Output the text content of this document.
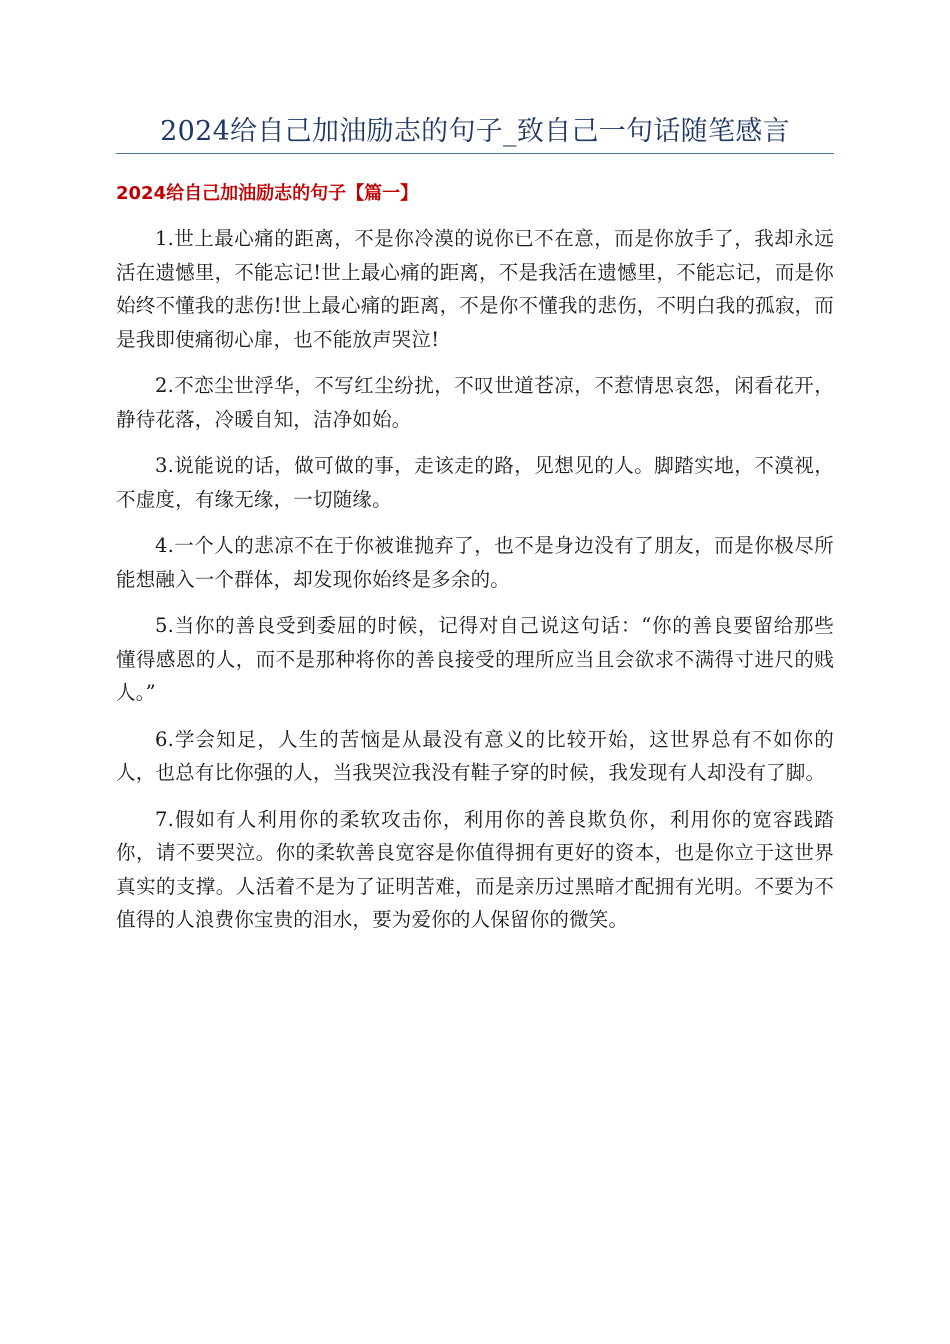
2024给自己加油励志的句子_致自己一句话随笔感言
2024给自己加油励志的句子【篇一】

1.世上最心痛的距离，不是你冷漠的说你已不在意，而是你放手了，我却永远活在遗憾里，不能忘记!世上最心痛的距离，不是我活在遗憾里，不能忘记，而是你始终不懂我的悲伤!世上最心痛的距离，不是你不懂我的悲伤，不明白我的孤寂，而是我即使痛彻心扉，也不能放声哭泣!

2.不恋尘世浮华，不写红尘纷扰，不叹世道苍凉，不惹情思哀怨，闲看花开，静待花落，冷暖自知，洁净如始。

3.说能说的话，做可做的事，走该走的路，见想见的人。脚踏实地，不漠视，不虚度，有缘无缘，一切随缘。

4.一个人的悲凉不在于你被谁抛弃了，也不是身边没有了朋友，而是你极尽所能想融入一个群体，却发现你始终是多余的。

5.当你的善良受到委屈的时候，记得对自己说这句话：“你的善良要留给那些懂得感恩的人，而不是那种将你的善良接受的理所应当且会欲求不满得寸进尺的贱人。”

6.学会知足，人生的苦恼是从最没有意义的比较开始，这世界总有不如你的人，也总有比你强的人，当我哭泣我没有鞋子穿的时候，我发现有人却没有了脚。

7.假如有人利用你的柔软攻击你，利用你的善良欺负你，利用你的宽容践踏你，请不要哭泣。你的柔软善良宽容是你值得拥有更好的资本，也是你立于这世界真实的支撑。人活着不是为了证明苦难，而是亲历过黑暗才配拥有光明。不要为不值得的人浪费你宝贵的泪水，要为爱你的人保留你的微笑。
